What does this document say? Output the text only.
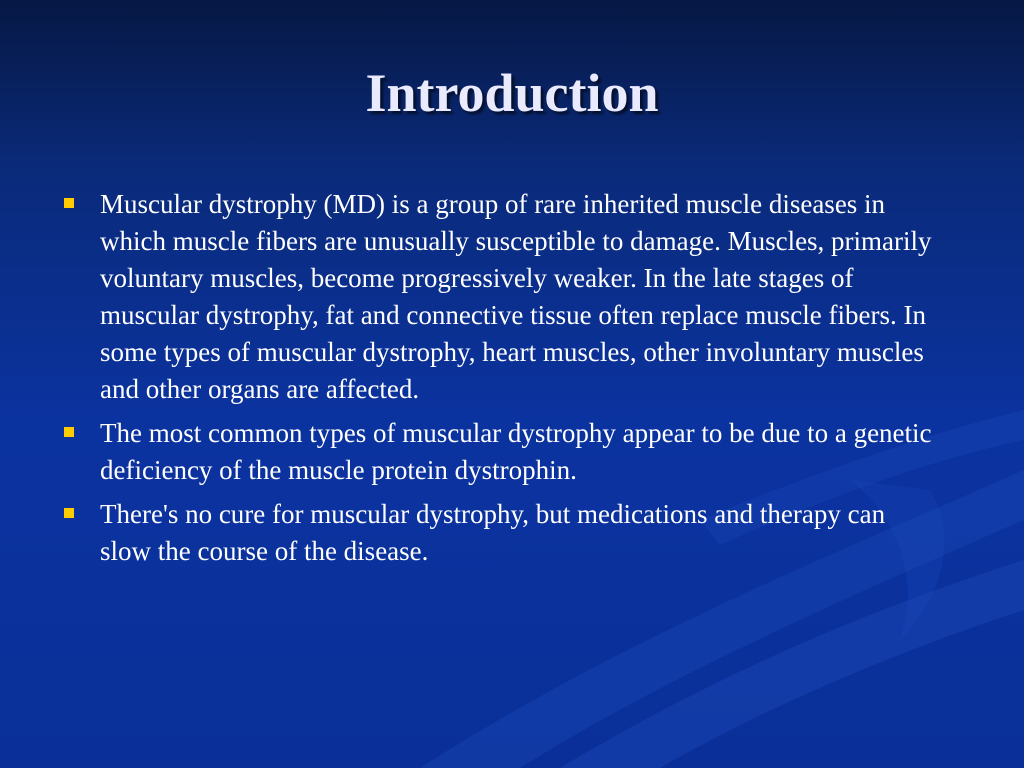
Introduction
Muscular dystrophy (MD) is a group of rare inherited muscle diseases in which muscle fibers are unusually susceptible to damage. Muscles, primarily voluntary muscles, become progressively weaker. In the late stages of muscular dystrophy, fat and connective tissue often replace muscle fibers. In some types of muscular dystrophy, heart muscles, other involuntary muscles and other organs are affected.
The most common types of muscular dystrophy appear to be due to a genetic deficiency of the muscle protein dystrophin.
There's no cure for muscular dystrophy, but medications and therapy can slow the course of the disease.
